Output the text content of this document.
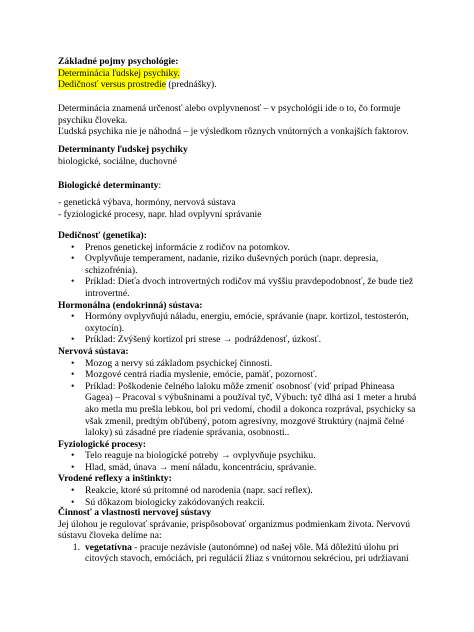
Základné pojmy psychológie:

Determinácia ľudskej psychiky.

Dedičnosť versus prostredie (prednášky).

Determinácia znamená určenosť alebo ovplyvnenosť – v psychológii ide o to, čo formuje psychiku človeka.

Ľudská psychika nie je náhodná – je výsledkom rôznych vnútorných a vonkajších faktorov.

Determinanty ľudskej psychiky

biologické, sociálne, duchovné

Biologické determinanty:

- genetická výbava, hormóny, nervová sústava

- fyziologické procesy, napr. hlad ovplyvní správanie

Dedičnosť (genetika):

• Prenos genetickej informácie z rodičov na potomkov.
• Ovplyvňuje temperament, nadanie, riziko duševných porúch (napr. depresia, schizofrénia).
• Príklad: Dieťa dvoch introvertných rodičov má vyššiu pravdepodobnosť, že bude tiež introvertné.

Hormonálna (endokrinná) sústava:

• Hormóny ovplyvňujú náladu, energiu, emócie, správanie (napr. kortizol, testosterón, oxytocín).
• Príklad: Zvýšený kortizol pri strese → podráždenosť, úzkosť.

Nervová sústava:

• Mozog a nervy sú základom psychickej činnosti.
• Mozgové centrá riadia myslenie, emócie, pamäť, pozornosť.
• Príklad: Poškodenie čelného laloku môže zmeniť osobnosť (viď prípad Phineasa Gagea) – Pracoval s výbušninami a používal tyč, Výbuch: tyč dlhá asi 1 meter a hrubá ako metla mu prešla lebkou, bol pri vedomí, chodil a dokonca rozprával, psychicky sa však zmenil, predtým obľúbený, potom agresívny, mozgové štruktúry (najmä čelné laloky) sú zásadné pre riadenie správania, osobnosti..

Fyziologické procesy:

• Telo reaguje na biologické potreby → ovplyvňuje psychiku.
• Hlad, smäd, únava → mení náladu, koncentráciu, správanie.

Vrodené reflexy a inštinkty:

• Reakcie, ktoré sú prítomné od narodenia (napr. sací reflex).
• Sú dôkazom biologicky zakódovaných reakcií.

Činnosť a vlastnosti nervovej sústavy

Jej úlohou je regulovať správanie, prispôsobovať organizmus podmienkam života. Nervovú sústavu človeka delíme na:

1. vegetatívna - pracuje nezávisle (autonómne) od našej vôle. Má dôležitú úlohu pri citových stavoch, emóciách, pri regulácií žliaz s vnútornou sekréciou, pri udržiavaní
